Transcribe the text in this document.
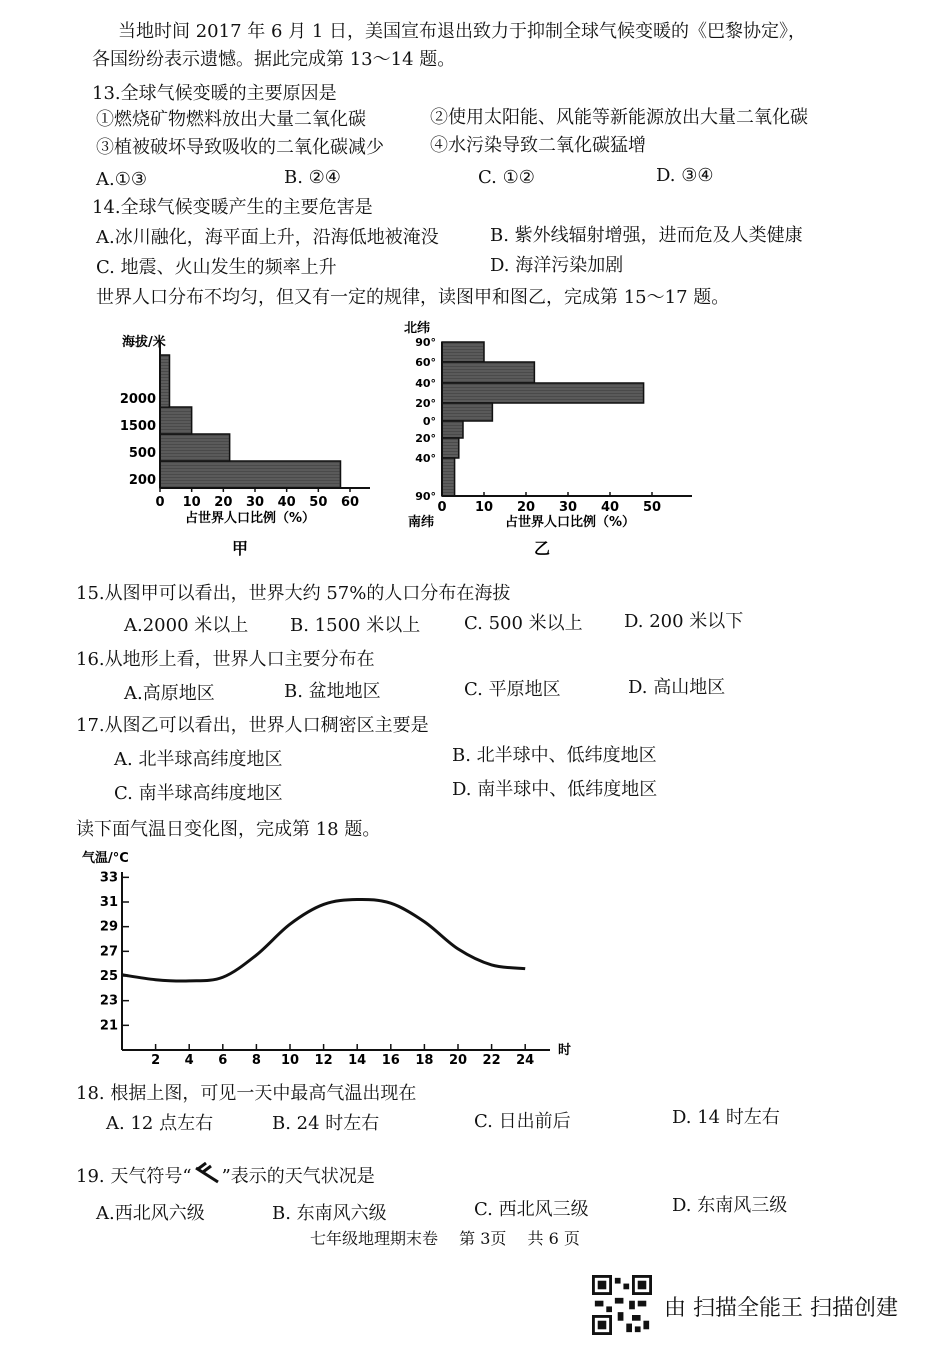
当地时间 2017 年 6 月 1 日，美国宣布退出致力于抑制全球气候变暖的《巴黎协定》，
各国纷纷表示遗憾。据此完成第 13～14 题。
13.全球气候变暖的主要原因是
①燃烧矿物燃料放出大量二氧化碳	②使用太阳能、风能等新能源放出大量二氧化碳
③植被破坏导致吸收的二氧化碳减少	④水污染导致二氧化碳猛增
A.①③	B. ②④	C. ①②	D. ③④
14.全球气候变暖产生的主要危害是
A.冰川融化，海平面上升，沿海低地被淹没	B. 紫外线辐射增强，进而危及人类健康
C. 地震、火山发生的频率上升	D. 海洋污染加剧
世界人口分布不均匀，但又有一定的规律，读图甲和图乙，完成第 15～17 题。
海拔/米
200
500
1500
2000
0 10 20 30 40 50 60
占世界人口比例（%）
甲
北纬
90°
60°
40°
20°
0°
20°
40°
90°
0 10 20 30 40 50
南纬	占世界人口比例（%）
乙
15.从图甲可以看出，世界大约 57%的人口分布在海拔
A.2000 米以上 B. 1500 米以上 C. 500 米以上 D. 200 米以下
16.从地形上看，世界人口主要分布在
A.高原地区	B. 盆地地区	C. 平原地区	D. 高山地区
17.从图乙可以看出，世界人口稠密区主要是
A. 北半球高纬度地区	B. 北半球中、低纬度地区
C. 南半球高纬度地区	D. 南半球中、低纬度地区
读下面气温日变化图，完成第 18 题。
气温/°C
21
23
25
27
29
31
33
2 4 6 8 10 12 14 16 18 20 22 24
时
18. 根据上图，可见一天中最高气温出现在
A. 12 点左右	B. 24 时左右	C. 日出前后	D. 14 时左右
19. 天气符号“ ”表示的天气状况是
A.西北风六级	B. 东南风六级	C. 西北风三级	D. 东南风三级
七年级地理期末卷 第 3页 共 6 页
由 扫描全能王 扫描创建
